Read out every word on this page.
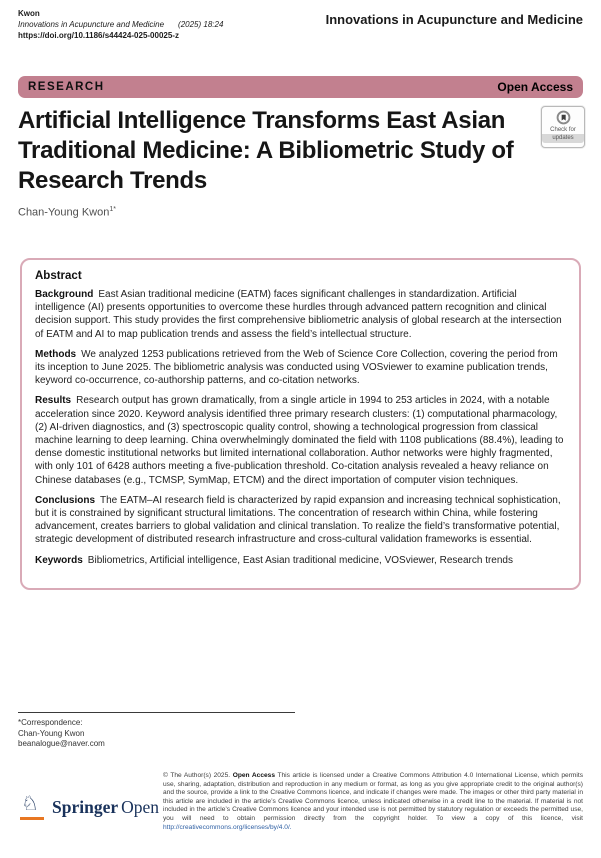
Kwon
Innovations in Acupuncture and Medicine (2025) 18:24
https://doi.org/10.1186/s44424-025-00025-z
Innovations in Acupuncture and Medicine
RESEARCH	Open Access
Artificial Intelligence Transforms East Asian Traditional Medicine: A Bibliometric Study of Research Trends
Check for
updates
Chan-Young Kwon$^{1*}$

Abstract

Background East Asian traditional medicine (EATM) faces significant challenges in standardization. Artificial intelligence (AI) presents opportunities to overcome these hurdles through advanced pattern recognition and clinical decision support. This study provides the first comprehensive bibliometric analysis of global research at the intersection of EATM and AI to map publication trends and assess the field’s intellectual structure.

Methods We analyzed 1253 publications retrieved from the Web of Science Core Collection, covering the period from its inception to June 2025. The bibliometric analysis was conducted using VOSviewer to examine publication trends, keyword co-occurrence, co-authorship patterns, and co-citation networks.

Results Research output has grown dramatically, from a single article in 1994 to 253 articles in 2024, with a notable acceleration since 2020. Keyword analysis identified three primary research clusters: (1) computational pharmacology, (2) AI-driven diagnostics, and (3) spectroscopic quality control, showing a technological progression from classical machine learning to deep learning. China overwhelmingly dominated the field with 1108 publications (88.4%), leading to dense domestic institutional networks but limited international collaboration. Author networks were highly fragmented, with only 101 of 6428 authors meeting a five-publication threshold. Co-citation analysis revealed a heavy reliance on Chinese databases (e.g., TCMSP, SymMap, ETCM) and the direct importation of computer vision techniques.

Conclusions The EATM–AI research field is characterized by rapid expansion and increasing technical sophistication, but it is constrained by significant structural limitations. The concentration of research within China, while fostering advancement, creates barriers to global validation and clinical translation. To realize the field’s transformative potential, strategic development of distributed research infrastructure and cross-cultural validation frameworks is essential.

Keywords Bibliometrics, Artificial intelligence, East Asian traditional medicine, VOSviewer, Research trends

*Correspondence:
Chan-Young Kwon
beanalogue@naver.com
♘ Springer Open
© The Author(s) 2025. Open Access This article is licensed under a Creative Commons Attribution 4.0 International License, which permits use, sharing, adaptation, distribution and reproduction in any medium or format, as long as you give appropriate credit to the original author(s) and the source, provide a link to the Creative Commons licence, and indicate if changes were made. The images or other third party material in this article are included in the article’s Creative Commons licence, unless indicated otherwise in a credit line to the material. If material is not included in the article’s Creative Commons licence and your intended use is not permitted by statutory regulation or exceeds the permitted use, you will need to obtain permission directly from the copyright holder. To view a copy of this licence, visit http://creativecommons.org/licenses/by/4.0/.
